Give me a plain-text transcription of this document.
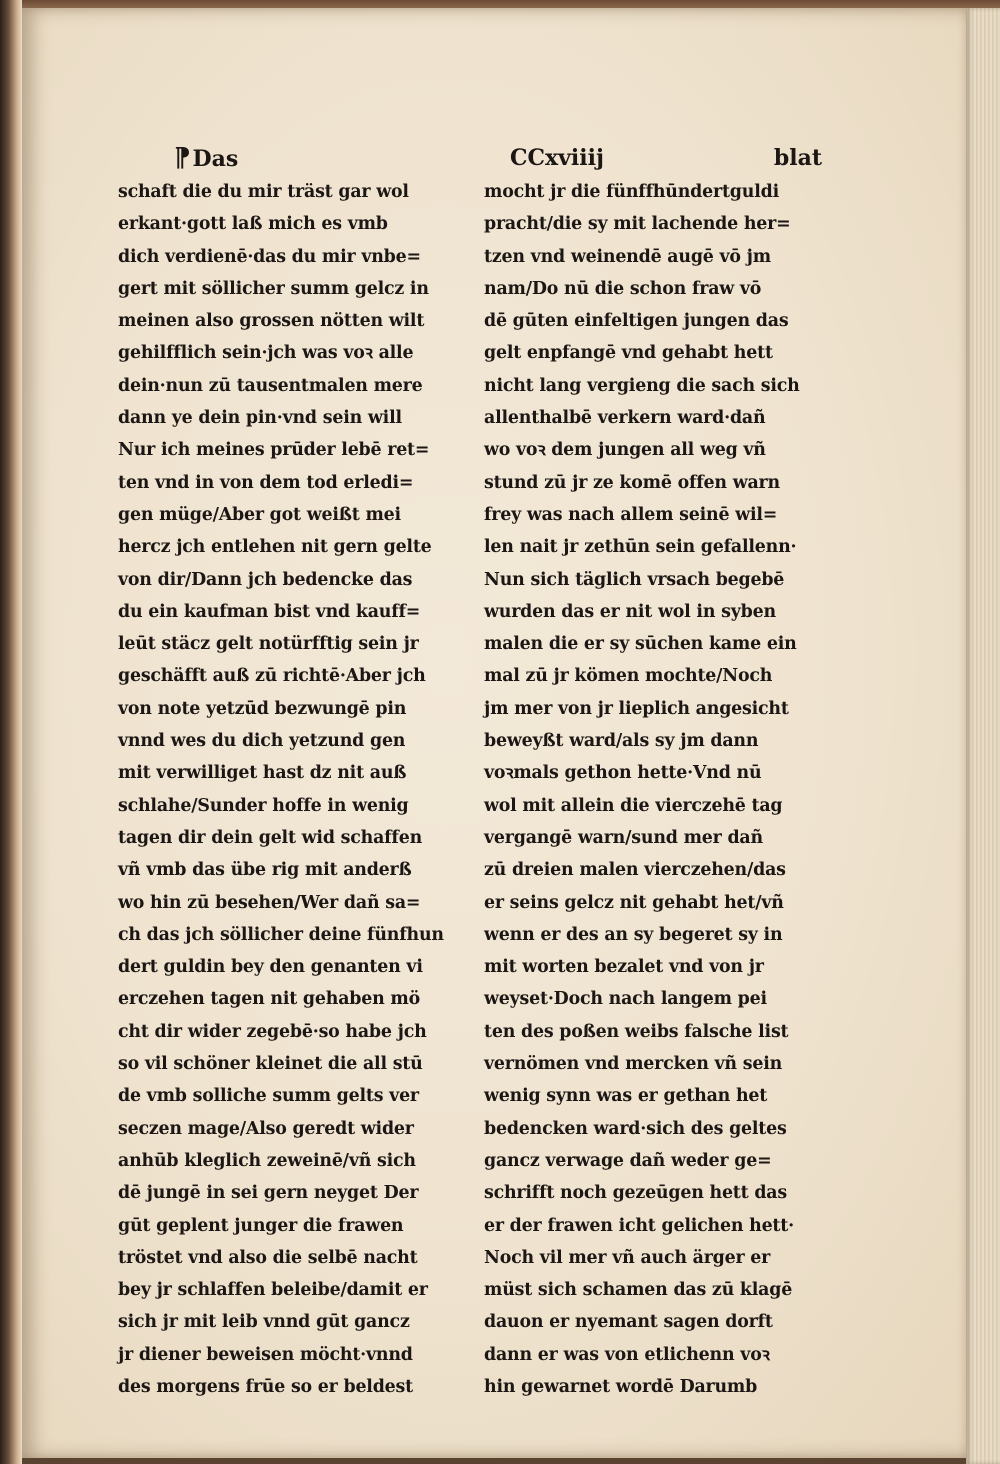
⁋Das
schaft die du mir träst gar wol
erkant·gott laß mich es vmb
dich verdienē·das du mir vnbe=
gert mit söllicher summ gelcz in
meinen also grossen nötten wilt
gehilfflich sein·jch was voꝛ alle
dein·nun zū tausentmalen mere
dann ye dein pin·vnd sein will
Nur ich meines prūder lebē ret=
ten vnd in von dem tod erledi=
gen müge/Aber got weißt mei
hercz jch entlehen nit gern gelte
von dir/Dann jch bedencke das
du ein kaufman bist vnd kauff=
leūt stäcz gelt notürfftig sein jr
geschäfft auß zū richtē·Aber jch
von note yetzūd bezwungē pin
vnnd wes du dich yetzund gen
mit verwilliget hast dz nit auß
schlahe/Sunder hoffe in wenig
tagen dir dein gelt wid schaffen
vñ vmb das übe rig mit anderß
wo hin zū besehen/Wer dañ sa=
ch das jch söllicher deine fünfhun
dert guldin bey den genanten vi
erczehen tagen nit gehaben mö
cht dir wider zegebē·so habe jch
so vil schöner kleinet die all stū
de vmb solliche summ gelts ver
seczen mage/Also geredt wider
anhūb kleglich zeweinē/vñ sich
dē jungē in sei gern neyget Der
gūt geplent junger die frawen
tröstet vnd also die selbē nacht
bey jr schlaffen beleibe/damit er
sich jr mit leib vnnd gūt gancz
jr diener beweisen möcht·vnnd
des morgens frūe so er beldest
CCxviiij	blat
mocht jr die fünffhūndertguldi
pracht/die sy mit lachende her=
tzen vnd weinendē augē vō jm
nam/Do nū die schon fraw vō
dē gūten einfeltigen jungen das
gelt enpfangē vnd gehabt hett
nicht lang vergieng die sach sich
allenthalbē verkern ward·dañ
wo voꝛ dem jungen all weg vñ
stund zū jr ze komē offen warn
frey was nach allem seinē wil=
len nait jr zethūn sein gefallenn·
Nun sich täglich vrsach begebē
wurden das er nit wol in syben
malen die er sy sūchen kame ein
mal zū jr kömen mochte/Noch
jm mer von jr lieplich angesicht
beweyßt ward/als sy jm dann
voꝛmals gethon hette·Vnd nū
wol mit allein die vierczehē tag
vergangē warn/sund mer dañ
zū dreien malen vierczehen/das
er seins gelcz nit gehabt het/vñ
wenn er des an sy begeret sy in
mit worten bezalet vnd von jr
weyset·Doch nach langem pei
ten des poßen weibs falsche list
vernömen vnd mercken vñ sein
wenig synn was er gethan het
bedencken ward·sich des geltes
gancz verwage dañ weder ge=
schrifft noch gezeūgen hett das
er der frawen icht gelichen hett·
Noch vil mer vñ auch ärger er
müst sich schamen das zū klagē
dauon er nyemant sagen dorft
dann er was von etlichenn voꝛ
hin gewarnet wordē Darumb
